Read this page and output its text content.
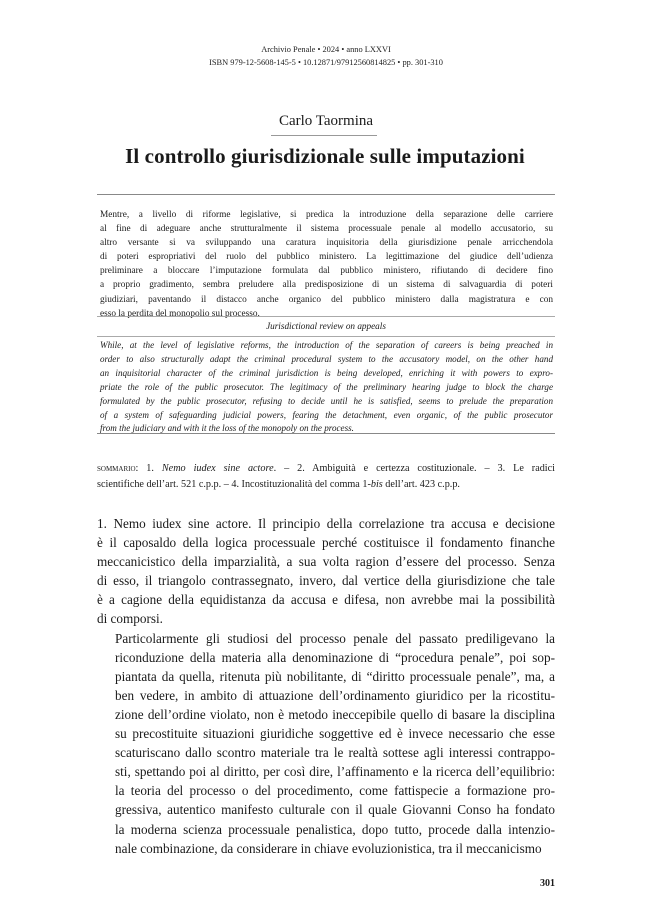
Archivio Penale • 2024 • anno LXXVI
ISBN 979-12-5608-145-5 • 10.12871/97912560814825 • pp. 301-310
Carlo Taormina
Il controllo giurisdizionale sulle imputazioni
Mentre, a livello di riforme legislative, si predica la introduzione della separazione delle carriere
al fine di adeguare anche strutturalmente il sistema processuale penale al modello accusatorio, su
altro versante si va sviluppando una caratura inquisitoria della giurisdizione penale arricchendola
di poteri espropriativi del ruolo del pubblico ministero. La legittimazione del giudice dell’udienza
preliminare a bloccare l’imputazione formulata dal pubblico ministero, rifiutando di decidere fino
a proprio gradimento, sembra preludere alla predisposizione di un sistema di salvaguardia di poteri
giudiziari, paventando il distacco anche organico del pubblico ministero dalla magistratura e con
esso la perdita del monopolio sul processo.
Jurisdictional review on appeals
While, at the level of legislative reforms, the introduction of the separation of careers is being preached in
order to also structurally adapt the criminal procedural system to the accusatory model, on the other hand
an inquisitorial character of the criminal jurisdiction is being developed, enriching it with powers to expro-
priate the role of the public prosecutor. The legitimacy of the preliminary hearing judge to block the charge
formulated by the public prosecutor, refusing to decide until he is satisfied, seems to prelude the preparation
of a system of safeguarding judicial powers, fearing the detachment, even organic, of the public prosecutor
from the judiciary and with it the loss of the monopoly on the process.
sommario: 1. Nemo iudex sine actore. – 2. Ambiguità e certezza costituzionale. – 3. Le radici
scientifiche dell’art. 521 c.p.p. – 4. Incostituzionalità del comma 1-bis dell’art. 423 c.p.p.

1. Nemo iudex sine actore. Il principio della correlazione tra accusa e decisione
è il caposaldo della logica processuale perché costituisce il fondamento finanche
meccanicistico della imparzialità, a sua volta ragion d’essere del processo. Senza
di esso, il triangolo contrassegnato, invero, dal vertice della giurisdizione che tale
è a cagione della equidistanza da accusa e difesa, non avrebbe mai la possibilità
di comporsi.

Particolarmente gli studiosi del processo penale del passato prediligevano la
riconduzione della materia alla denominazione di “procedura penale”, poi sop-
piantata da quella, ritenuta più nobilitante, di “diritto processuale penale”, ma, a
ben vedere, in ambito di attuazione dell’ordinamento giuridico per la ricostitu-
zione dell’ordine violato, non è metodo ineccepibile quello di basare la disciplina
su precostituite situazioni giuridiche soggettive ed è invece necessario che esse
scaturiscano dallo scontro materiale tra le realtà sottese agli interessi contrappo-
sti, spettando poi al diritto, per così dire, l’affinamento e la ricerca dell’equilibrio:
la teoria del processo o del procedimento, come fattispecie a formazione pro-
gressiva, autentico manifesto culturale con il quale Giovanni Conso ha fondato
la moderna scienza processuale penalistica, dopo tutto, procede dalla intenzio-
nale combinazione, da considerare in chiave evoluzionistica, tra il meccanicismo

301
